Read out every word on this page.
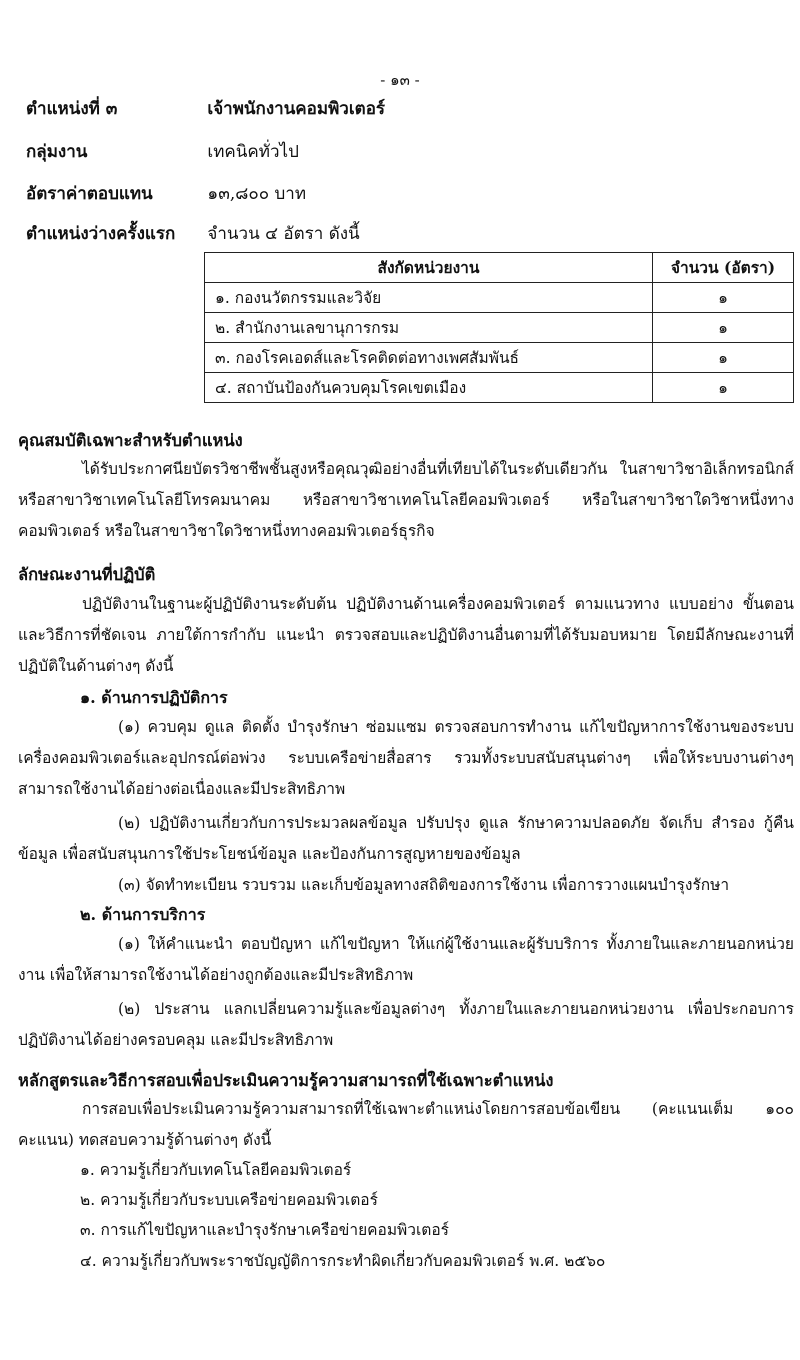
- ๑๓ -
ตำแหน่งที่ ๓	เจ้าพนักงานคอมพิวเตอร์
กลุ่มงาน	เทคนิคทั่วไป
อัตราค่าตอบแทน	๑๓,๘๐๐ บาท
ตำแหน่งว่างครั้งแรก จำนวน ๔ อัตรา ดังนี้
สังกัดหน่วยงาน	จำนวน (อัตรา)
๑. กองนวัตกรรมและวิจัย	๑
๒. สำนักงานเลขานุการกรม	๑
๓. กองโรคเอดส์และโรคติดต่อทางเพศสัมพันธ์	๑
๔. สถาบันป้องกันควบคุมโรคเขตเมือง	๑
คุณสมบัติเฉพาะสำหรับตำแหน่ง
ได้รับประกาศนียบัตรวิชาชีพชั้นสูงหรือคุณวุฒิอย่างอื่นที่เทียบได้ในระดับเดียวกัน ในสาขาวิชาอิเล็กทรอนิกส์ หรือสาขาวิชาเทคโนโลยีโทรคมนาคม หรือสาขาวิชาเทคโนโลยีคอมพิวเตอร์ หรือในสาขาวิชาใดวิชาหนึ่งทางคอมพิวเตอร์ หรือในสาขาวิชาใดวิชาหนึ่งทางคอมพิวเตอร์ธุรกิจ
ลักษณะงานที่ปฏิบัติ
ปฏิบัติงานในฐานะผู้ปฏิบัติงานระดับต้น ปฏิบัติงานด้านเครื่องคอมพิวเตอร์ ตามแนวทาง แบบอย่าง ขั้นตอน และวิธีการที่ชัดเจน ภายใต้การกำกับ แนะนำ ตรวจสอบและปฏิบัติงานอื่นตามที่ได้รับมอบหมาย โดยมีลักษณะงานที่ปฏิบัติในด้านต่างๆ ดังนี้
๑. ด้านการปฏิบัติการ
(๑) ควบคุม ดูแล ติดตั้ง บำรุงรักษา ซ่อมแซม ตรวจสอบการทำงาน แก้ไขปัญหาการใช้งานของระบบเครื่องคอมพิวเตอร์และอุปกรณ์ต่อพ่วง ระบบเครือข่ายสื่อสาร รวมทั้งระบบสนับสนุนต่างๆ เพื่อให้ระบบงานต่างๆ สามารถใช้งานได้อย่างต่อเนื่องและมีประสิทธิภาพ
(๒) ปฏิบัติงานเกี่ยวกับการประมวลผลข้อมูล ปรับปรุง ดูแล รักษาความปลอดภัย จัดเก็บ สำรอง กู้คืนข้อมูล เพื่อสนับสนุนการใช้ประโยชน์ข้อมูล และป้องกันการสูญหายของข้อมูล
(๓) จัดทำทะเบียน รวบรวม และเก็บข้อมูลทางสถิติของการใช้งาน เพื่อการวางแผนบำรุงรักษา
๒. ด้านการบริการ
(๑) ให้คำแนะนำ ตอบปัญหา แก้ไขปัญหา ให้แก่ผู้ใช้งานและผู้รับบริการ ทั้งภายในและภายนอกหน่วยงาน เพื่อให้สามารถใช้งานได้อย่างถูกต้องและมีประสิทธิภาพ
(๒) ประสาน แลกเปลี่ยนความรู้และข้อมูลต่างๆ ทั้งภายในและภายนอกหน่วยงาน เพื่อประกอบการปฏิบัติงานได้อย่างครอบคลุม และมีประสิทธิภาพ
หลักสูตรและวิธีการสอบเพื่อประเมินความรู้ความสามารถที่ใช้เฉพาะตำแหน่ง
การสอบเพื่อประเมินความรู้ความสามารถที่ใช้เฉพาะตำแหน่งโดยการสอบข้อเขียน (คะแนนเต็ม ๑๐๐ คะแนน) ทดสอบความรู้ด้านต่างๆ ดังนี้
๑. ความรู้เกี่ยวกับเทคโนโลยีคอมพิวเตอร์
๒. ความรู้เกี่ยวกับระบบเครือข่ายคอมพิวเตอร์
๓. การแก้ไขปัญหาและบำรุงรักษาเครือข่ายคอมพิวเตอร์
๔. ความรู้เกี่ยวกับพระราชบัญญัติการกระทำผิดเกี่ยวกับคอมพิวเตอร์ พ.ศ. ๒๕๖๐
